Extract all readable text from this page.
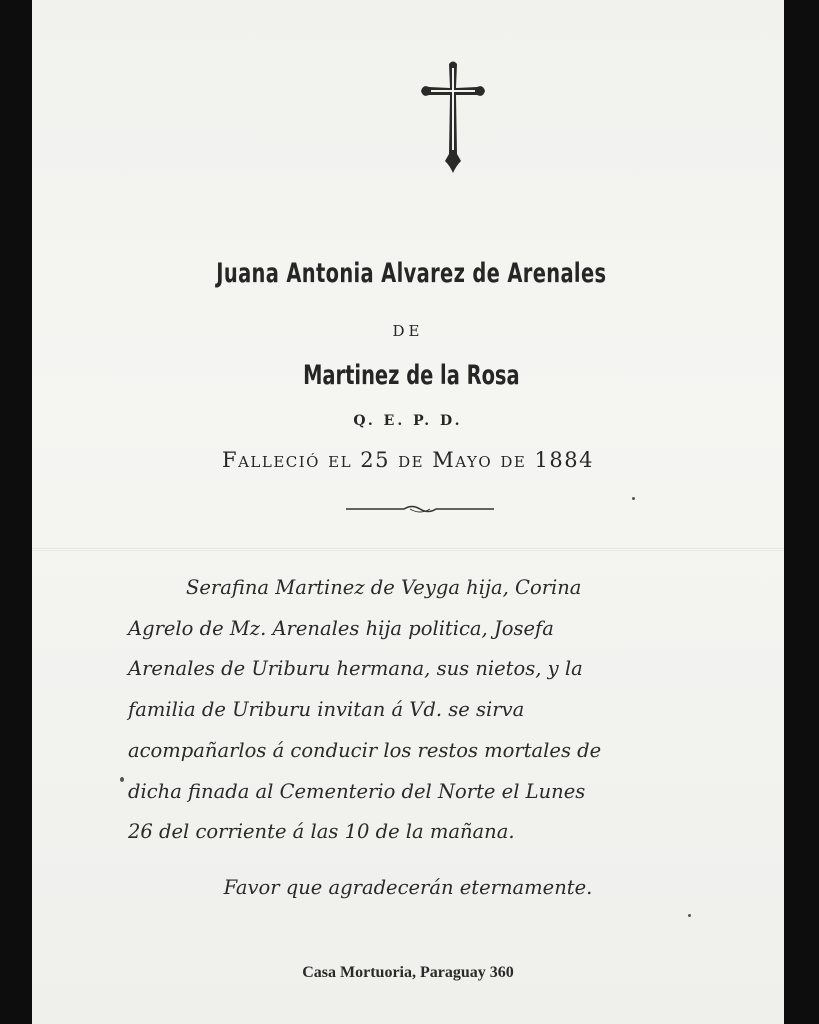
Juana Antonia Alvarez de Arenales
DE
Martinez de la Rosa
Q. E. P. D.
Falleció el 25 de Mayo de 1884
Serafina Martinez de Veyga hija, Corina
Agrelo de Mz. Arenales hija politica, Josefa
Arenales de Uriburu hermana, sus nietos, y la
familia de Uriburu invitan á Vd. se sirva
acompañarlos á conducir los restos mortales de
dicha finada al Cementerio del Norte el Lunes
26 del corriente á las 10 de la mañana.
Favor que agradecerán eternamente.
Casa Mortuoria, Paraguay 360
